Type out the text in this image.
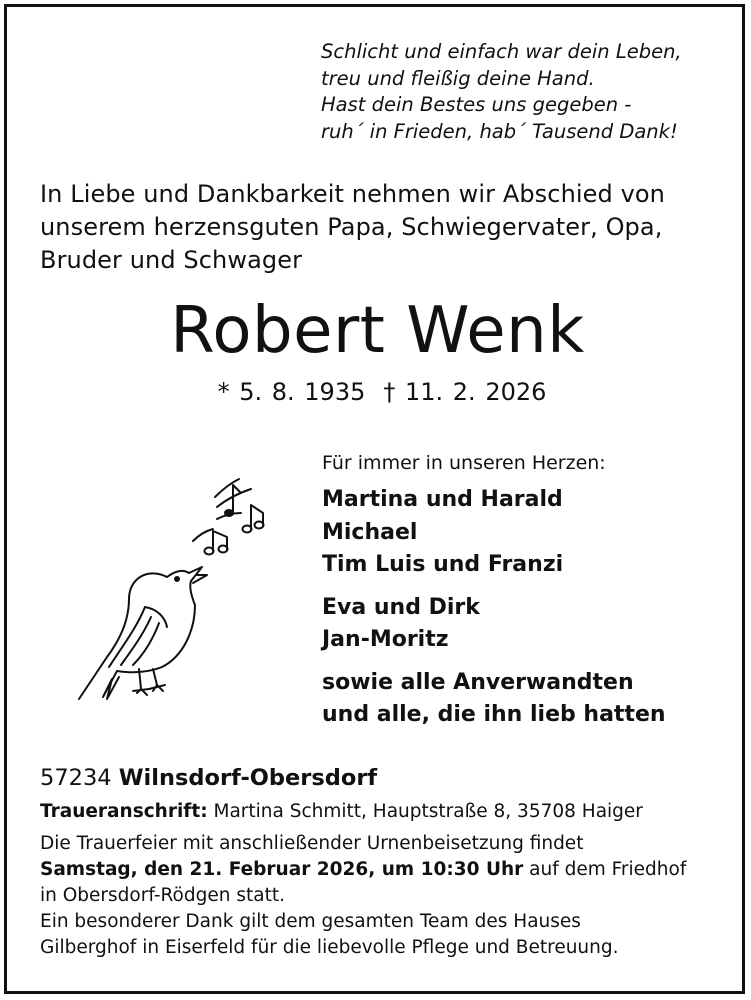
Schlicht und einfach war dein Leben,
treu und fleißig deine Hand.
Hast dein Bestes uns gegeben -
ruh´ in Frieden, hab´ Tausend Dank!
In Liebe und Dankbarkeit nehmen wir Abschied von
unserem herzensguten Papa, Schwiegervater, Opa,
Bruder und Schwager
Robert Wenk
* 5. 8. 1935 † 11. 2. 2026
Für immer in unseren Herzen:
Martina und Harald
Michael
Tim Luis und Franzi
Eva und Dirk
Jan-Moritz
sowie alle Anverwandten
und alle, die ihn lieb hatten
57234 Wilnsdorf-Obersdorf
Traueranschrift: Martina Schmitt, Hauptstraße 8, 35708 Haiger
Die Trauerfeier mit anschließender Urnenbeisetzung findet
Samstag, den 21. Februar 2026, um 10:30 Uhr auf dem Friedhof
in Obersdorf-Rödgen statt.
Ein besonderer Dank gilt dem gesamten Team des Hauses
Gilberghof in Eiserfeld für die liebevolle Pflege und Betreuung.
